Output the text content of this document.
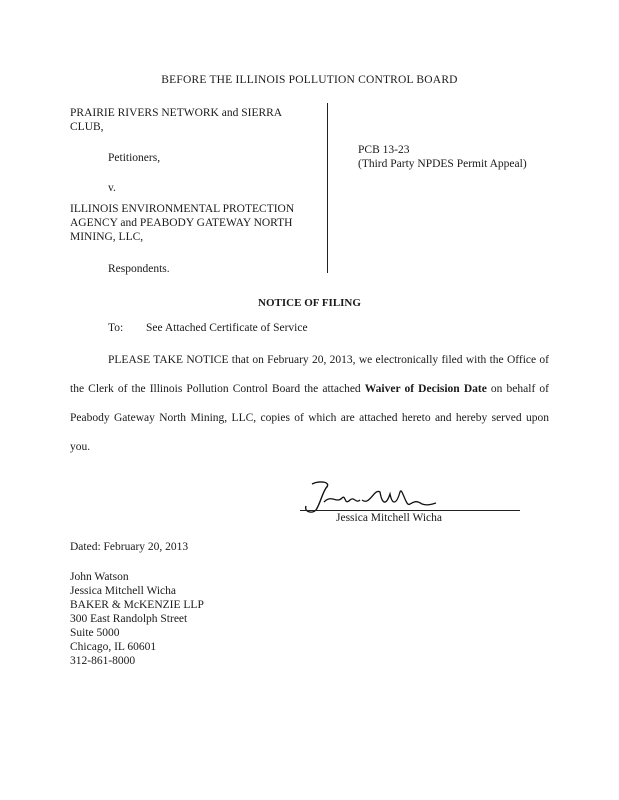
BEFORE THE ILLINOIS POLLUTION CONTROL BOARD
PRAIRIE RIVERS NETWORK and SIERRA
CLUB,
Petitioners,
v.
ILLINOIS ENVIRONMENTAL PROTECTION
AGENCY and PEABODY GATEWAY NORTH
MINING, LLC,
Respondents.
PCB 13-23
(Third Party NPDES Permit Appeal)
NOTICE OF FILING
To: See Attached Certificate of Service
PLEASE TAKE NOTICE that on February 20, 2013, we electronically filed with the Office of the Clerk of the Illinois Pollution Control Board the attached Waiver of Decision Date on behalf of Peabody Gateway North Mining, LLC, copies of which are attached hereto and hereby served upon you.
Jessica Mitchell Wicha
Dated: February 20, 2013
John Watson
Jessica Mitchell Wicha
BAKER & McKENZIE LLP
300 East Randolph Street
Suite 5000
Chicago, IL 60601
312-861-8000
